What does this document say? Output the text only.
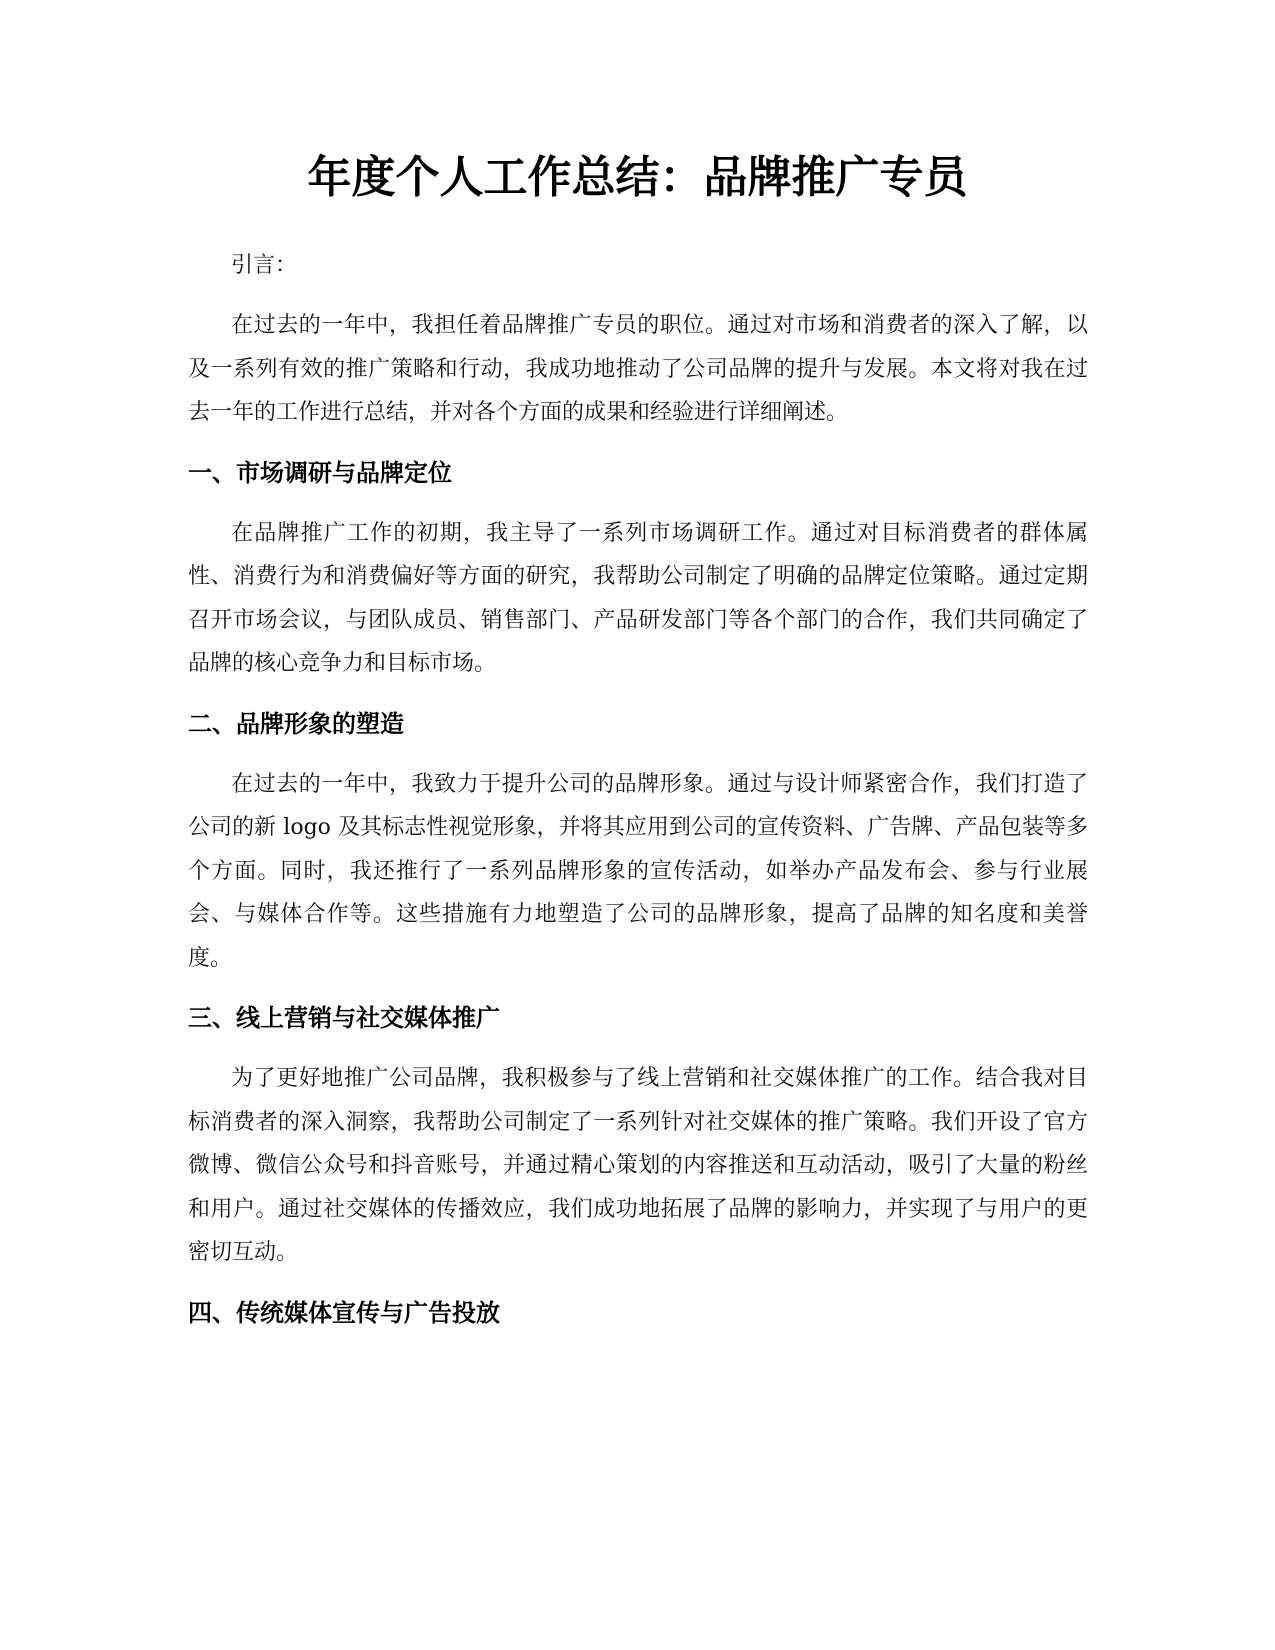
年度个人工作总结：品牌推广专员

引言：

在过去的一年中，我担任着品牌推广专员的职位。通过对市场和消费者的深入了解，以及一系列有效的推广策略和行动，我成功地推动了公司品牌的提升与发展。本文将对我在过去一年的工作进行总结，并对各个方面的成果和经验进行详细阐述。

一、市场调研与品牌定位

在品牌推广工作的初期，我主导了一系列市场调研工作。通过对目标消费者的群体属性、消费行为和消费偏好等方面的研究，我帮助公司制定了明确的品牌定位策略。通过定期召开市场会议，与团队成员、销售部门、产品研发部门等各个部门的合作，我们共同确定了品牌的核心竞争力和目标市场。

二、品牌形象的塑造

在过去的一年中，我致力于提升公司的品牌形象。通过与设计师紧密合作，我们打造了公司的新 logo 及其标志性视觉形象，并将其应用到公司的宣传资料、广告牌、产品包装等多个方面。同时，我还推行了一系列品牌形象的宣传活动，如举办产品发布会、参与行业展会、与媒体合作等。这些措施有力地塑造了公司的品牌形象，提高了品牌的知名度和美誉度。

三、线上营销与社交媒体推广

为了更好地推广公司品牌，我积极参与了线上营销和社交媒体推广的工作。结合我对目标消费者的深入洞察，我帮助公司制定了一系列针对社交媒体的推广策略。我们开设了官方微博、微信公众号和抖音账号，并通过精心策划的内容推送和互动活动，吸引了大量的粉丝和用户。通过社交媒体的传播效应，我们成功地拓展了品牌的影响力，并实现了与用户的更密切互动。

四、传统媒体宣传与广告投放
